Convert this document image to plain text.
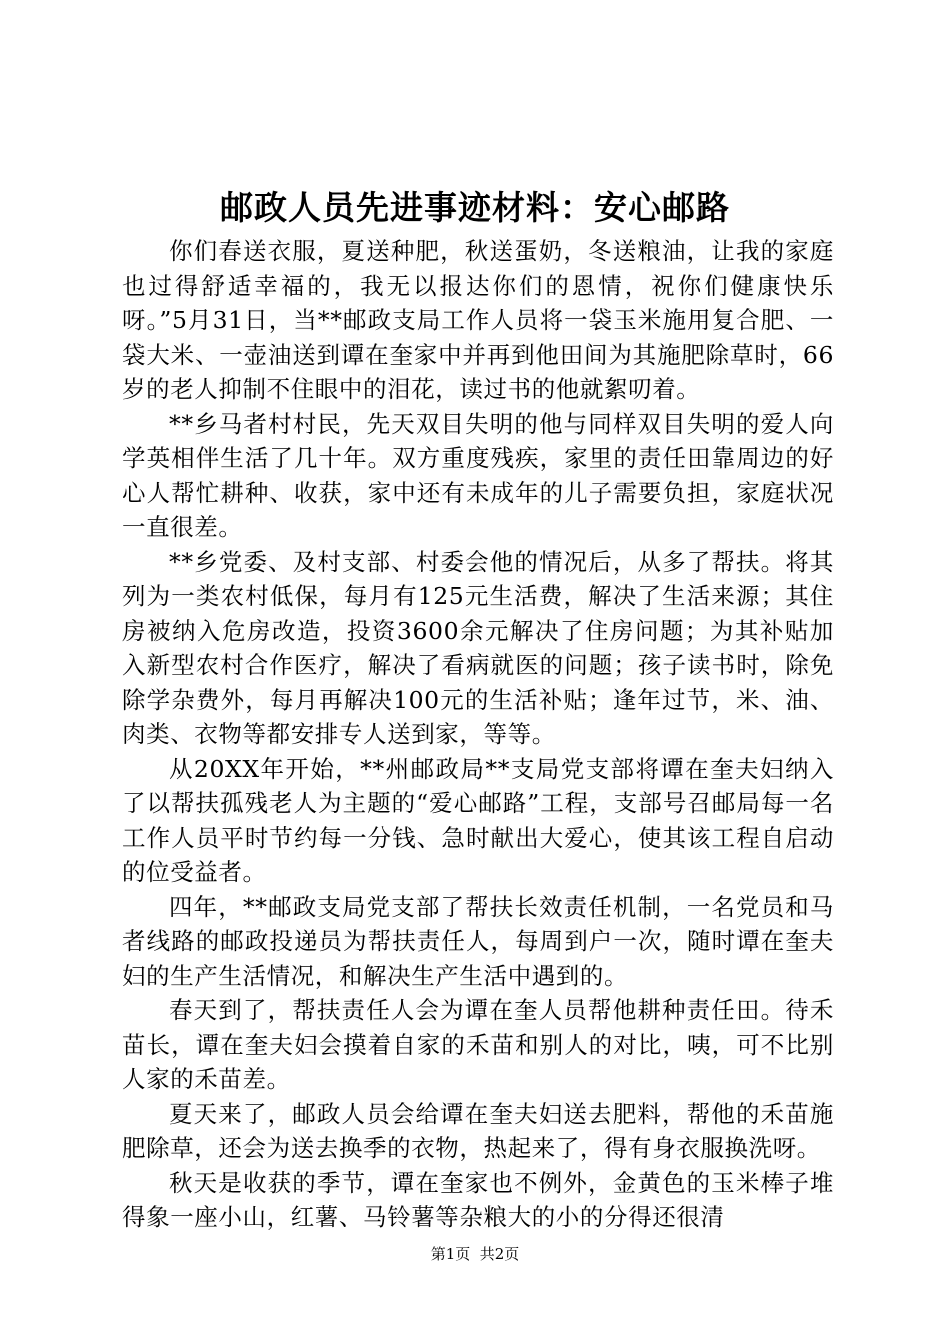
邮政人员先进事迹材料：安心邮路

你们春送衣服，夏送种肥，秋送蛋奶，冬送粮油，让我的家庭也过得舒适幸福的，我无以报达你们的恩情，祝你们健康快乐呀。”5月31日，当**邮政支局工作人员将一袋玉米施用复合肥、一袋大米、一壶油送到谭在奎家中并再到他田间为其施肥除草时，66岁的老人抑制不住眼中的泪花，读过书的他就絮叨着。

**乡马者村村民，先天双目失明的他与同样双目失明的爱人向学英相伴生活了几十年。双方重度残疾，家里的责任田靠周边的好心人帮忙耕种、收获，家中还有未成年的儿子需要负担，家庭状况一直很差。

**乡党委、及村支部、村委会他的情况后，从多了帮扶。将其列为一类农村低保，每月有125元生活费，解决了生活来源；其住房被纳入危房改造，投资3600余元解决了住房问题；为其补贴加入新型农村合作医疗，解决了看病就医的问题；孩子读书时，除免除学杂费外，每月再解决100元的生活补贴；逢年过节，米、油、肉类、衣物等都安排专人送到家，等等。

从20XX年开始，**州邮政局**支局党支部将谭在奎夫妇纳入了以帮扶孤残老人为主题的“爱心邮路”工程，支部号召邮局每一名工作人员平时节约每一分钱、急时献出大爱心，使其该工程自启动的位受益者。

四年，**邮政支局党支部了帮扶长效责任机制，一名党员和马者线路的邮政投递员为帮扶责任人，每周到户一次，随时谭在奎夫妇的生产生活情况，和解决生产生活中遇到的。

春天到了，帮扶责任人会为谭在奎人员帮他耕种责任田。待禾苗长，谭在奎夫妇会摸着自家的禾苗和别人的对比，咦，可不比别人家的禾苗差。

夏天来了，邮政人员会给谭在奎夫妇送去肥料，帮他的禾苗施肥除草，还会为送去换季的衣物，热起来了，得有身衣服换洗呀。

秋天是收获的季节，谭在奎家也不例外，金黄色的玉米棒子堆得象一座小山，红薯、马铃薯等杂粮大的小的分得还很清

第1页  共2页
